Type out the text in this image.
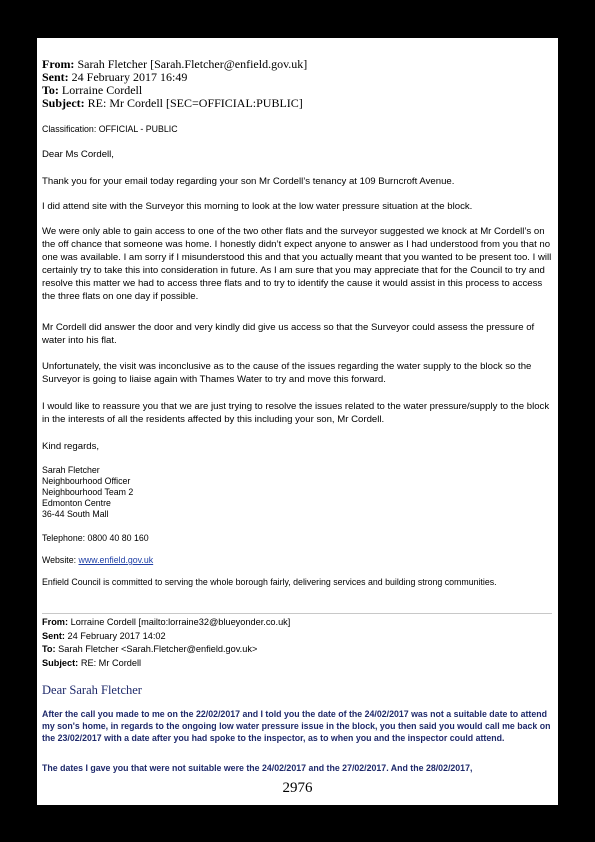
From: Sarah Fletcher [Sarah.Fletcher@enfield.gov.uk]
Sent: 24 February 2017 16:49
To: Lorraine Cordell
Subject: RE: Mr Cordell [SEC=OFFICIAL:PUBLIC]
Classification: OFFICIAL - PUBLIC
Dear Ms Cordell,
Thank you for your email today regarding your son Mr Cordell’s tenancy at 109 Burncroft Avenue.
I did attend site with the Surveyor this morning to look at the low water pressure situation at the block.
We were only able to gain access to one of the two other flats and the surveyor suggested we knock at Mr Cordell’s on the off chance that someone was home. I honestly didn’t expect anyone to answer as I had understood from you that no one was available. I am sorry if I misunderstood this and that you actually meant that you wanted to be present too. I will certainly try to take this into consideration in future. As I am sure that you may appreciate that for the Council to try and resolve this matter we had to access three flats and to try to identify the cause it would assist in this process to access the three flats on one day if possible.
Mr Cordell did answer the door and very kindly did give us access so that the Surveyor could assess the pressure of water into his flat.
Unfortunately, the visit was inconclusive as to the cause of the issues regarding the water supply to the block so the Surveyor is going to liaise again with Thames Water to try and move this forward.
I would like to reassure you that we are just trying to resolve the issues related to the water pressure/supply to the block in the interests of all the residents affected by this including your son, Mr Cordell.
Kind regards,
Sarah Fletcher
Neighbourhood Officer
Neighbourhood Team 2
Edmonton Centre
36-44 South Mall
Telephone: 0800 40 80 160
Website: www.enfield.gov.uk
Enfield Council is committed to serving the whole borough fairly, delivering services and building strong communities.
From: Lorraine Cordell [mailto:lorraine32@blueyonder.co.uk]
Sent: 24 February 2017 14:02
To: Sarah Fletcher <Sarah.Fletcher@enfield.gov.uk>
Subject: RE: Mr Cordell
Dear Sarah Fletcher
After the call you made to me on the 22/02/2017 and I told you the date of the 24/02/2017 was not a suitable date to attend my son's home, in regards to the ongoing low water pressure issue in the block, you then said you would call me back on the 23/02/2017 with a date after you had spoke to the inspector, as to when you and the inspector could attend.
The dates I gave you that were not suitable were the 24/02/2017 and the 27/02/2017. And the 28/02/2017,
2976
